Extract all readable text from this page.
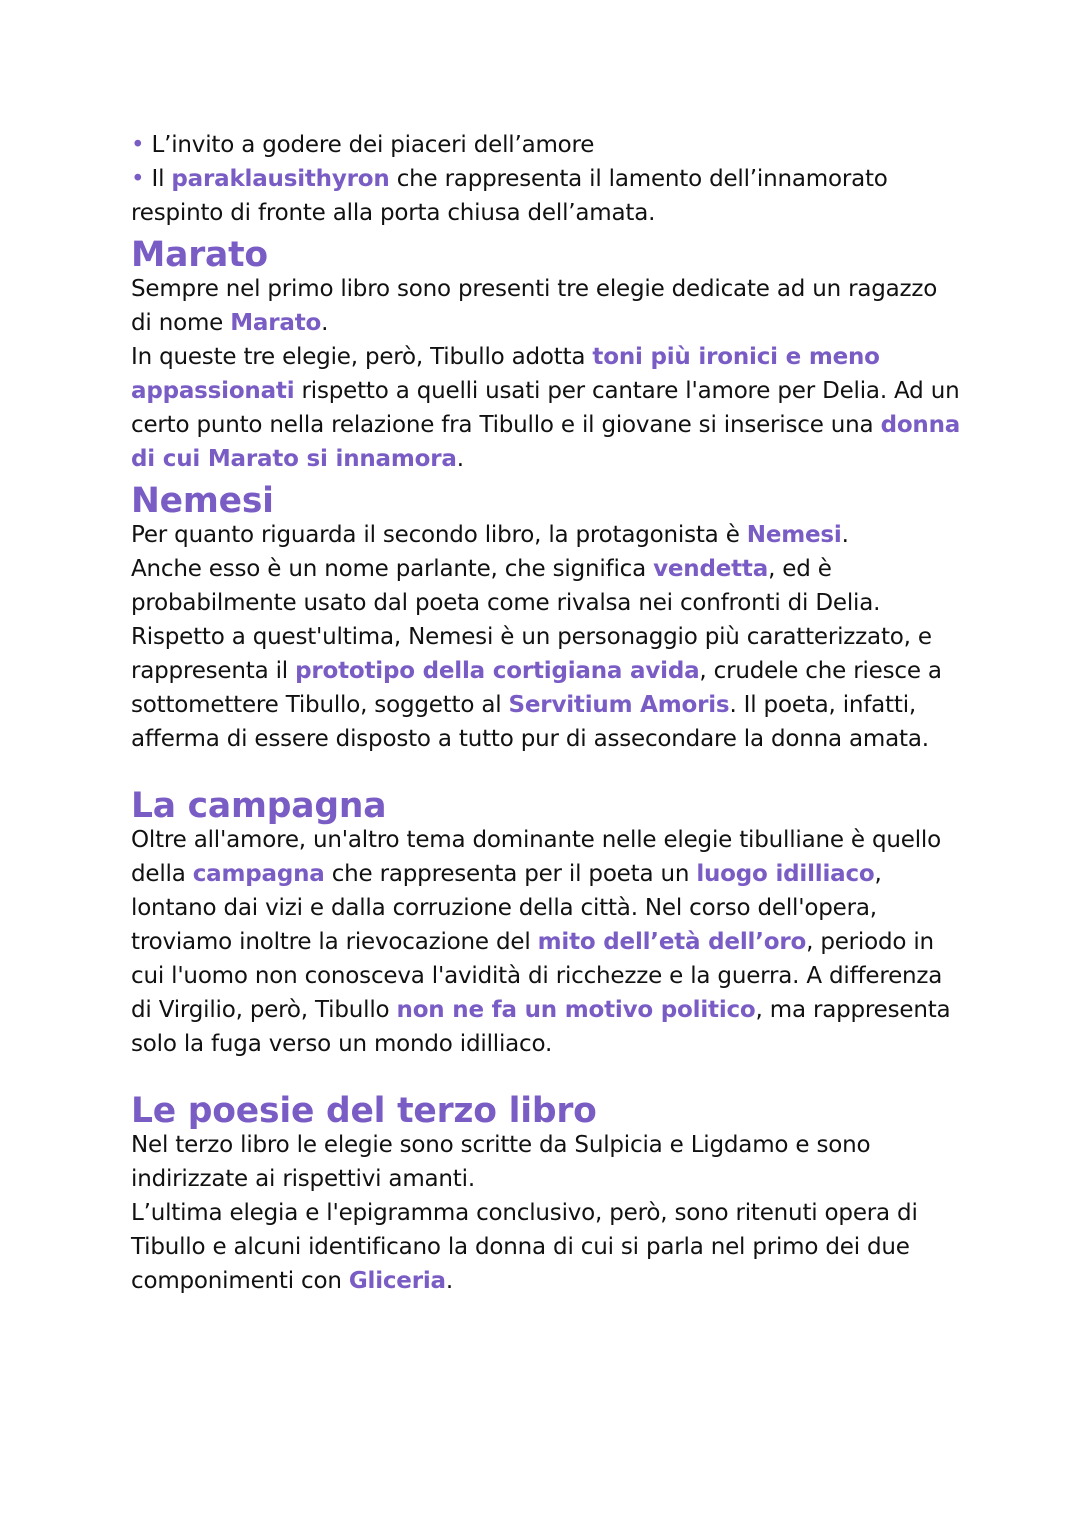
• L’invito a godere dei piaceri dell’amore

• Il paraklausithyron che rappresenta il lamento dell’innamorato respinto di fronte alla porta chiusa dell’amata.

Marato

Sempre nel primo libro sono presenti tre elegie dedicate ad un ragazzo di nome Marato.

In queste tre elegie, però, Tibullo adotta toni più ironici e meno appassionati rispetto a quelli usati per cantare l'amore per Delia. Ad un certo punto nella relazione fra Tibullo e il giovane si inserisce una donna di cui Marato si innamora.

Nemesi

Per quanto riguarda il secondo libro, la protagonista è Nemesi.

Anche esso è un nome parlante, che significa vendetta, ed è probabilmente usato dal poeta come rivalsa nei confronti di Delia. Rispetto a quest'ultima, Nemesi è un personaggio più caratterizzato, e rappresenta il prototipo della cortigiana avida, crudele che riesce a sottomettere Tibullo, soggetto al Servitium Amoris. Il poeta, infatti, afferma di essere disposto a tutto pur di assecondare la donna amata.

La campagna

Oltre all'amore, un'altro tema dominante nelle elegie tibulliane è quello della campagna che rappresenta per il poeta un luogo idilliaco, lontano dai vizi e dalla corruzione della città. Nel corso dell'opera, troviamo inoltre la rievocazione del mito dell’età dell’oro, periodo in cui l'uomo non conosceva l'avidità di ricchezze e la guerra. A differenza di Virgilio, però, Tibullo non ne fa un motivo politico, ma rappresenta solo la fuga verso un mondo idilliaco.

Le poesie del terzo libro

Nel terzo libro le elegie sono scritte da Sulpicia e Ligdamo e sono indirizzate ai rispettivi amanti.

L’ultima elegia e l'epigramma conclusivo, però, sono ritenuti opera di Tibullo e alcuni identificano la donna di cui si parla nel primo dei due componimenti con Gliceria.
